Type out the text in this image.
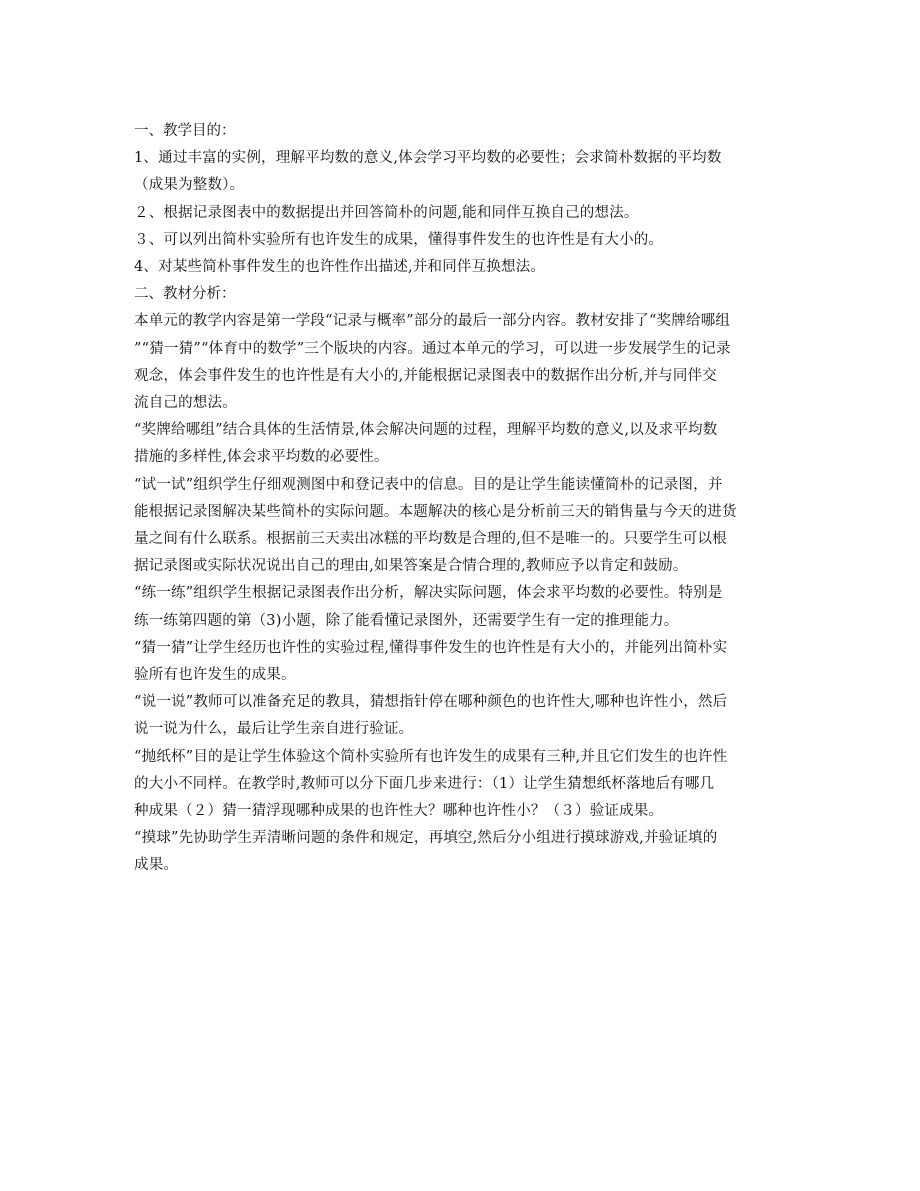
一、教学目的：
1、通过丰富的实例，理解平均数的意义,体会学习平均数的必要性；会求简朴数据的平均数
（成果为整数）。
２、根据记录图表中的数据提出并回答简朴的问题,能和同伴互换自己的想法。
３、可以列出简朴实验所有也许发生的成果，懂得事件发生的也许性是有大小的。
4、对某些简朴事件发生的也许性作出描述,并和同伴互换想法。
二、教材分析：
本单元的教学内容是第一学段“记录与概率”部分的最后一部分内容。教材安排了“奖牌给哪组
”“猜一猜”“体育中的数学”三个版块的内容。通过本单元的学习，可以进一步发展学生的记录
观念，体会事件发生的也许性是有大小的,并能根据记录图表中的数据作出分析,并与同伴交
流自己的想法。
“奖牌给哪组”结合具体的生活情景,体会解决问题的过程，理解平均数的意义,以及求平均数
措施的多样性,体会求平均数的必要性。
“试一试”组织学生仔细观测图中和登记表中的信息。目的是让学生能读懂简朴的记录图，并
能根据记录图解决某些简朴的实际问题。本题解决的核心是分析前三天的销售量与今天的进货
量之间有什么联系。根据前三天卖出冰糕的平均数是合理的,但不是唯一的。只要学生可以根
据记录图或实际状况说出自己的理由,如果答案是合情合理的,教师应予以肯定和鼓励。
“练一练”组织学生根据记录图表作出分析，解决实际问题，体会求平均数的必要性。特别是
练一练第四题的第（3)小题，除了能看懂记录图外，还需要学生有一定的推理能力。
“猜一猜”让学生经历也许性的实验过程,懂得事件发生的也许性是有大小的，并能列出简朴实
验所有也许发生的成果。
“说一说”教师可以准备充足的教具，猜想指针停在哪种颜色的也许性大,哪种也许性小，然后
说一说为什么，最后让学生亲自进行验证。
“抛纸杯”目的是让学生体验这个简朴实验所有也许发生的成果有三种,并且它们发生的也许性
的大小不同样。在教学时,教师可以分下面几步来进行：（1）让学生猜想纸杯落地后有哪几
种成果（２）猜一猜浮现哪种成果的也许性大？哪种也许性小？（３）验证成果。
“摸球”先协助学生弄清晰问题的条件和规定，再填空,然后分小组进行摸球游戏,并验证填的
成果。
